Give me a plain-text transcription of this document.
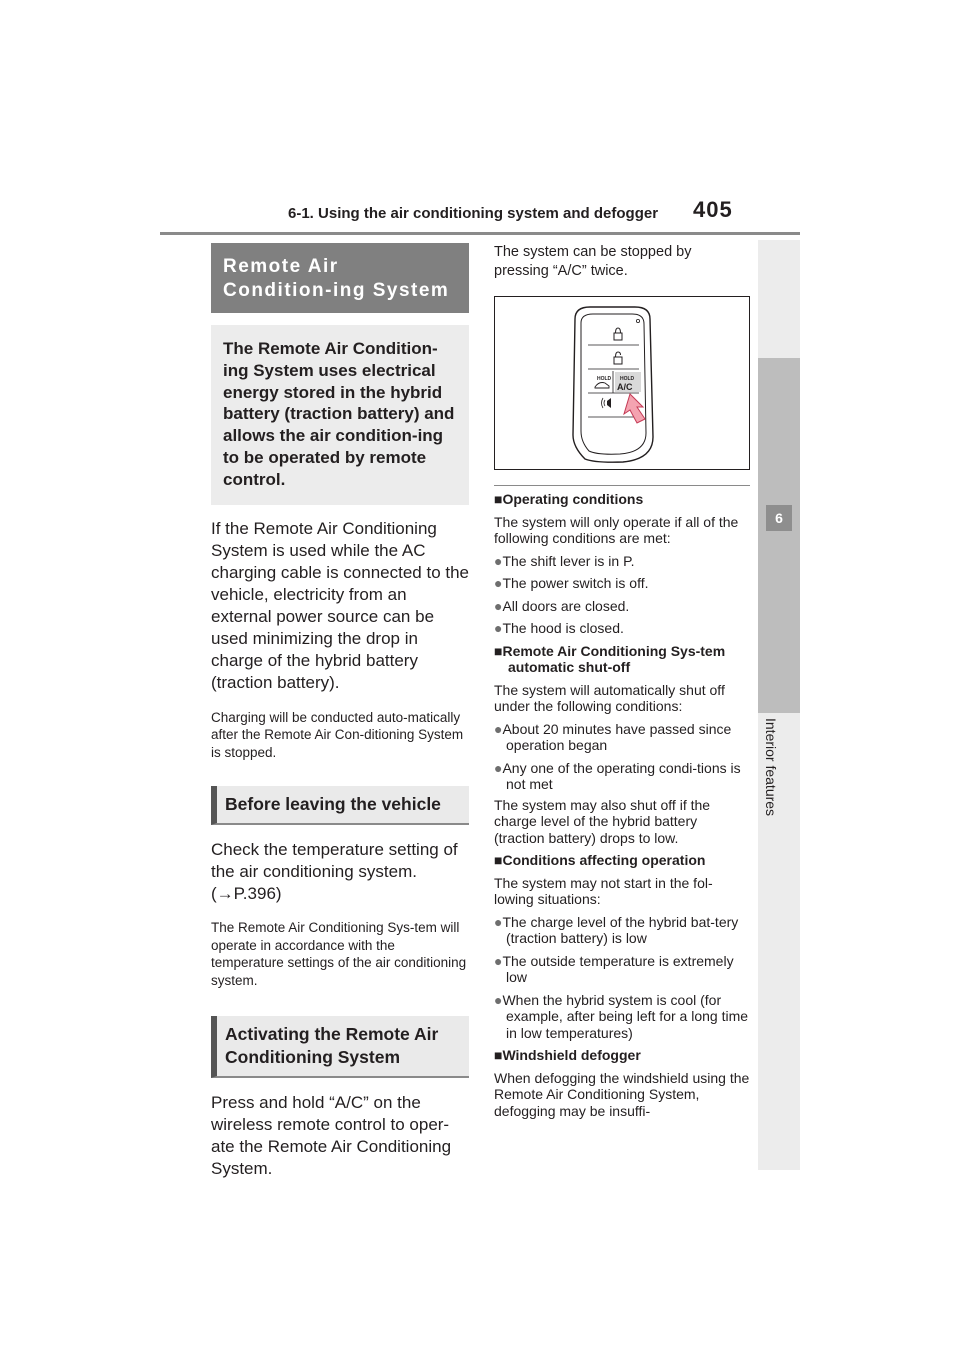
6-1. Using the air conditioning system and defogger 405
6
Interior features
Remote Air Condition-ing System
The Remote Air Condition-ing System uses electrical energy stored in the hybrid battery (traction battery) and allows the air condition-ing to be operated by remote control.

If the Remote Air Conditioning System is used while the AC charging cable is connected to the vehicle, electricity from an external power source can be used minimizing the drop in charge of the hybrid battery (traction battery).

Charging will be conducted auto-matically after the Remote Air Con-ditioning System is stopped.

Before leaving the vehicle

Check the temperature setting of the air conditioning system. (→P.396)

The Remote Air Conditioning Sys-tem will operate in accordance with the temperature settings of the air conditioning system.

Activating the Remote Air Conditioning System

Press and hold “A/C” on the wireless remote control to oper-ate the Remote Air Conditioning System.

The system can be stopped by pressing “A/C” twice.

HOLD HOLD
A/C

■Operating conditions

The system will only operate if all of the following conditions are met:

●The shift lever is in P.

●The power switch is off.

●All doors are closed.

●The hood is closed.

■Remote Air Conditioning Sys-tem automatic shut-off

The system will automatically shut off under the following conditions:

●About 20 minutes have passed since operation began

●Any one of the operating condi-tions is not met

The system may also shut off if the charge level of the hybrid battery (traction battery) drops to low.

■Conditions affecting operation

The system may not start in the fol-lowing situations:

●The charge level of the hybrid bat-tery (traction battery) is low

●The outside temperature is extremely low

●When the hybrid system is cool (for example, after being left for a long time in low temperatures)

■Windshield defogger

When defogging the windshield using the Remote Air Conditioning System, defogging may be insuffi-
